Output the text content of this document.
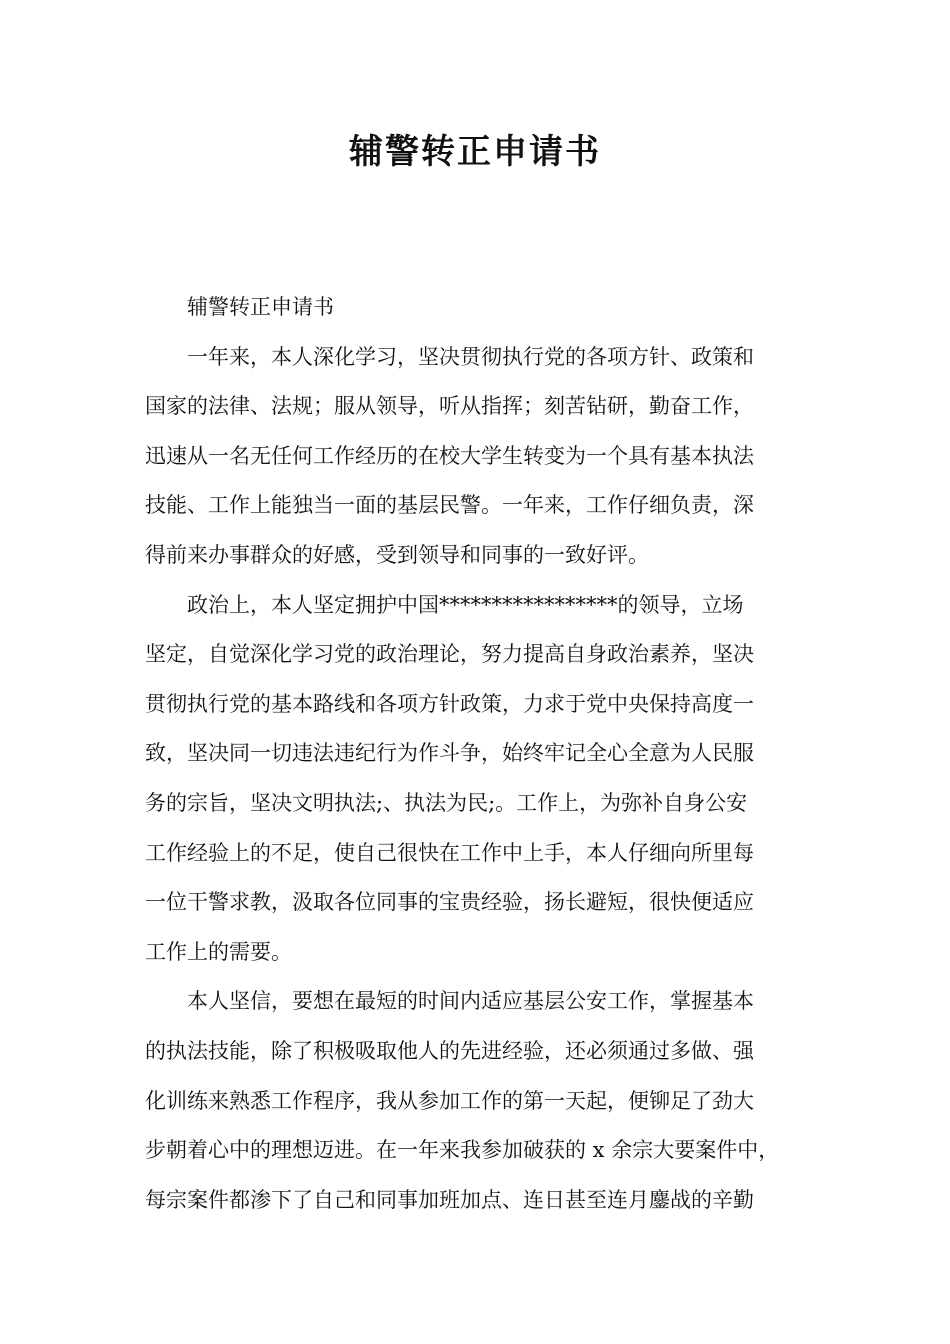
辅警转正申请书

辅警转正申请书

一年来，本人深化学习，坚决贯彻执行党的各项方针、政策和
国家的法律、法规；服从领导，听从指挥；刻苦钻研，勤奋工作，
迅速从一名无任何工作经历的在校大学生转变为一个具有基本执法
技能、工作上能独当一面的基层民警。一年来，工作仔细负责，深
得前来办事群众的好感，受到领导和同事的一致好评。

政治上，本人坚定拥护中国*****************的领导，立场
坚定，自觉深化学习党的政治理论，努力提高自身政治素养，坚决
贯彻执行党的基本路线和各项方针政策，力求于党中央保持高度一
致，坚决同一切违法违纪行为作斗争，始终牢记全心全意为人民服
务的宗旨，坚决文明执法;、执法为民;。工作上，为弥补自身公安
工作经验上的不足，使自己很快在工作中上手，本人仔细向所里每
一位干警求教，汲取各位同事的宝贵经验，扬长避短，很快便适应
工作上的需要。

本人坚信，要想在最短的时间内适应基层公安工作，掌握基本
的执法技能，除了积极吸取他人的先进经验，还必须通过多做、强
化训练来熟悉工作程序，我从参加工作的第一天起，便铆足了劲大
步朝着心中的理想迈进。在一年来我参加破获的 x 余宗大要案件中，
每宗案件都渗下了自己和同事加班加点、连日甚至连月鏖战的辛勤
